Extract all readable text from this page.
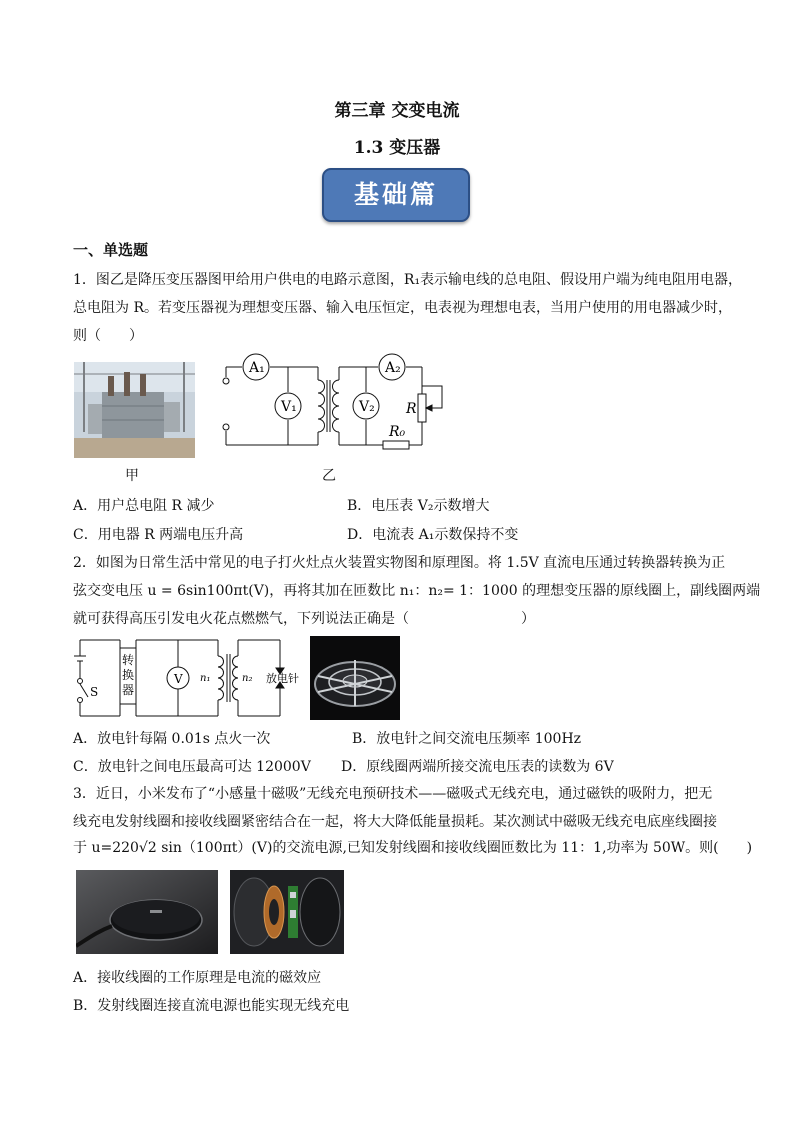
第三章 交变电流
1.3 变压器
基础篇
一、单选题
1．图乙是降压变压器图甲给用户供电的电路示意图，R₁表示输电线的总电阻、假设用户端为纯电阻用电器，
总电阻为 R。若变压器视为理想变压器、输入电压恒定，电表视为理想电表，当用户使用的用电器减少时，
则（　　）
甲
A₁
V₁
A₂
V₂ R
R₀
乙
A．用户总电阻 R 减少	B．电压表 V₂示数增大
C．用电器 R 两端电压升高	D．电流表 A₁示数保持不变
2．如图为日常生活中常见的电子打火灶点火装置实物图和原理图。将 1.5V 直流电压通过转换器转换为正
弦交变电压 u = 6sin100πt(V)，再将其加在匝数比 n₁：n₂= 1：1000 的理想变压器的原线圈上，副线圈两端
就可获得高压引发电火花点燃燃气，下列说法正确是（　　　　　　　　）
转换器
V
S
n₁	n₂ 放电针
A．放电针每隔 0.01s 点火一次	B．放电针之间交流电压频率 100Hz
C．放电针之间电压最高可达 12000V D．原线圈两端所接交流电压表的读数为 6V
3．近日，小米发布了“小感量十磁吸”无线充电预研技术——磁吸式无线充电，通过磁铁的吸附力，把无
线充电发射线圈和接收线圈紧密结合在一起，将大大降低能量损耗。某次测试中磁吸无线充电底座线圈接
于 u=220√2 sin（100πt）(V)的交流电源,已知发射线圈和接收线圈匝数比为 11：1,功率为 50W。则(　　)
A．接收线圈的工作原理是电流的磁效应
B．发射线圈连接直流电源也能实现无线充电
